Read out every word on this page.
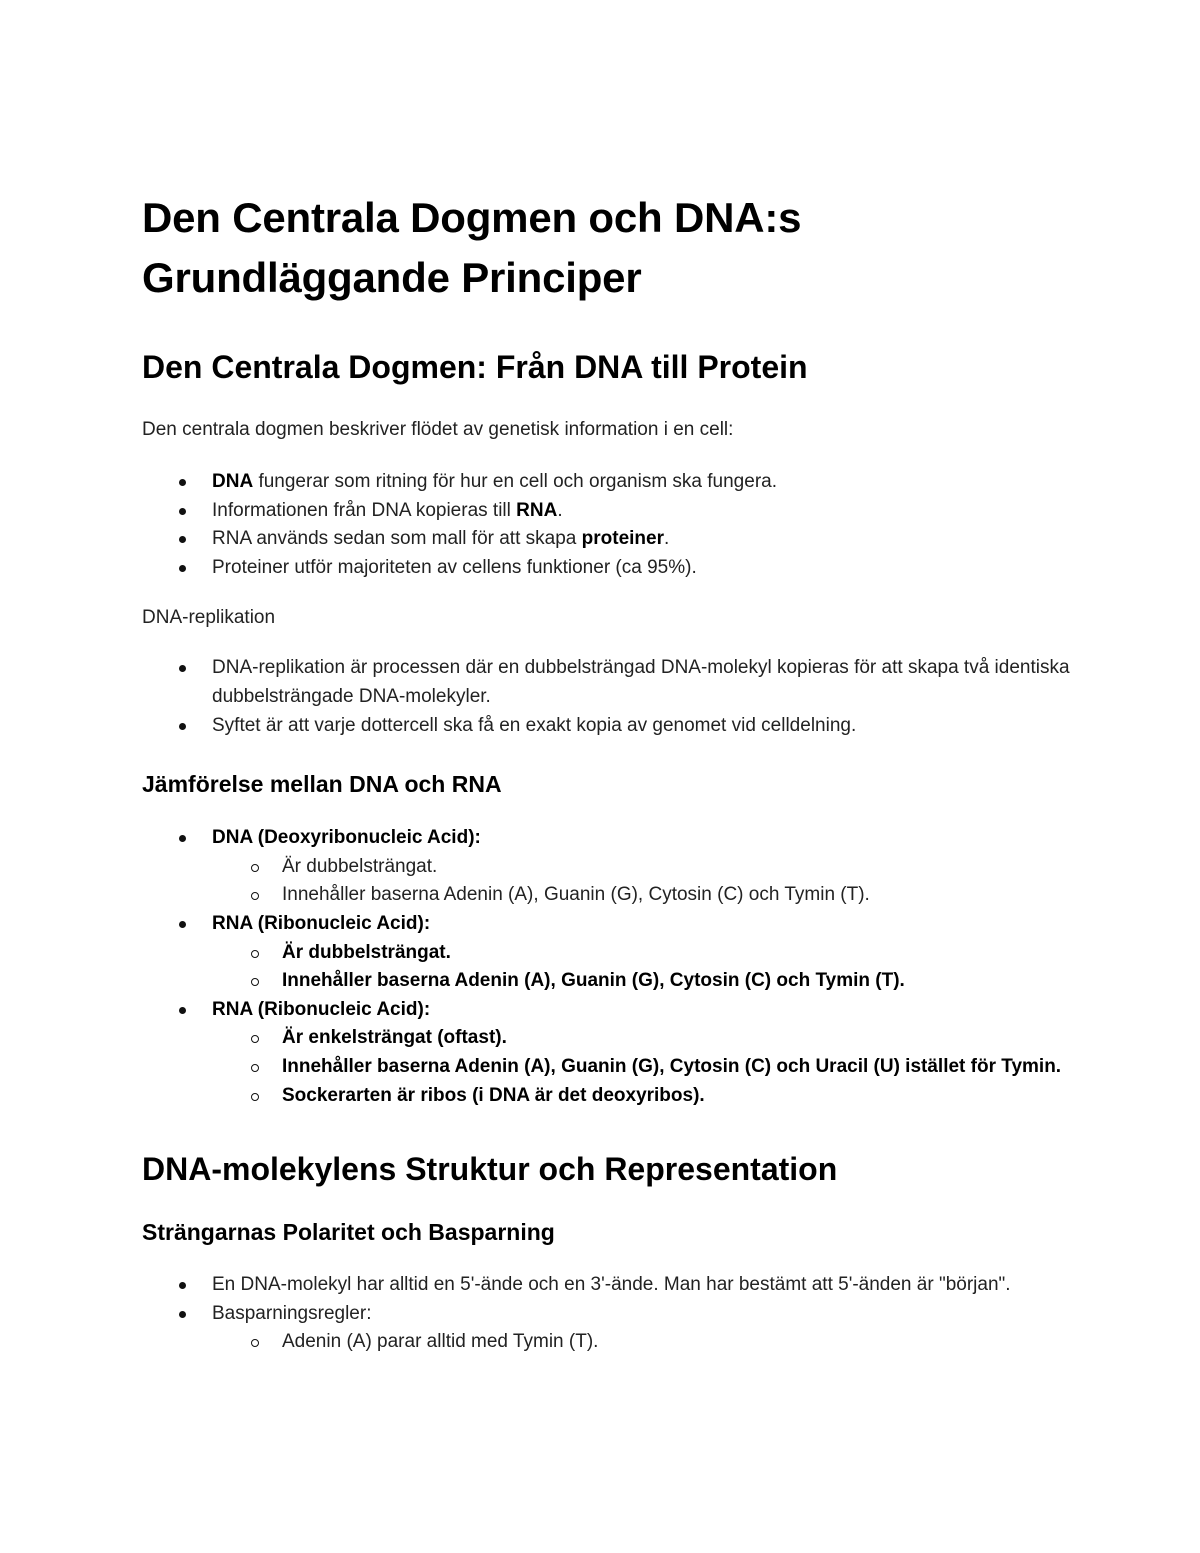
Den Centrala Dogmen och DNA:s
Grundläggande Principer
Den Centrala Dogmen: Från DNA till Protein

Den centrala dogmen beskriver flödet av genetisk information i en cell:

DNA fungerar som ritning för hur en cell och organism ska fungera.
Informationen från DNA kopieras till RNA.
RNA används sedan som mall för att skapa proteiner.
Proteiner utför majoriteten av cellens funktioner (ca 95%).

DNA-replikation

DNA-replikation är processen där en dubbelsträngad DNA-molekyl kopieras för att skapa två identiska dubbelsträngade DNA-molekyler.
Syftet är att varje dottercell ska få en exakt kopia av genomet vid celldelning.
Jämförelse mellan DNA och RNA
DNA (Deoxyribonucleic Acid):
Är dubbelsträngat.
Innehåller baserna Adenin (A), Guanin (G), Cytosin (C) och Tymin (T).
RNA (Ribonucleic Acid):
Är dubbelsträngat.
Innehåller baserna Adenin (A), Guanin (G), Cytosin (C) och Tymin (T).
RNA (Ribonucleic Acid):
Är enkelsträngat (oftast).
Innehåller baserna Adenin (A), Guanin (G), Cytosin (C) och Uracil (U) istället för Tymin.
Sockerarten är ribos (i DNA är det deoxyribos).
DNA-molekylens Struktur och Representation
Strängarnas Polaritet och Basparning
En DNA-molekyl har alltid en 5'-ände och en 3'-ände. Man har bestämt att 5'-änden är "början".
Basparningsregler:
Adenin (A) parar alltid med Tymin (T).
